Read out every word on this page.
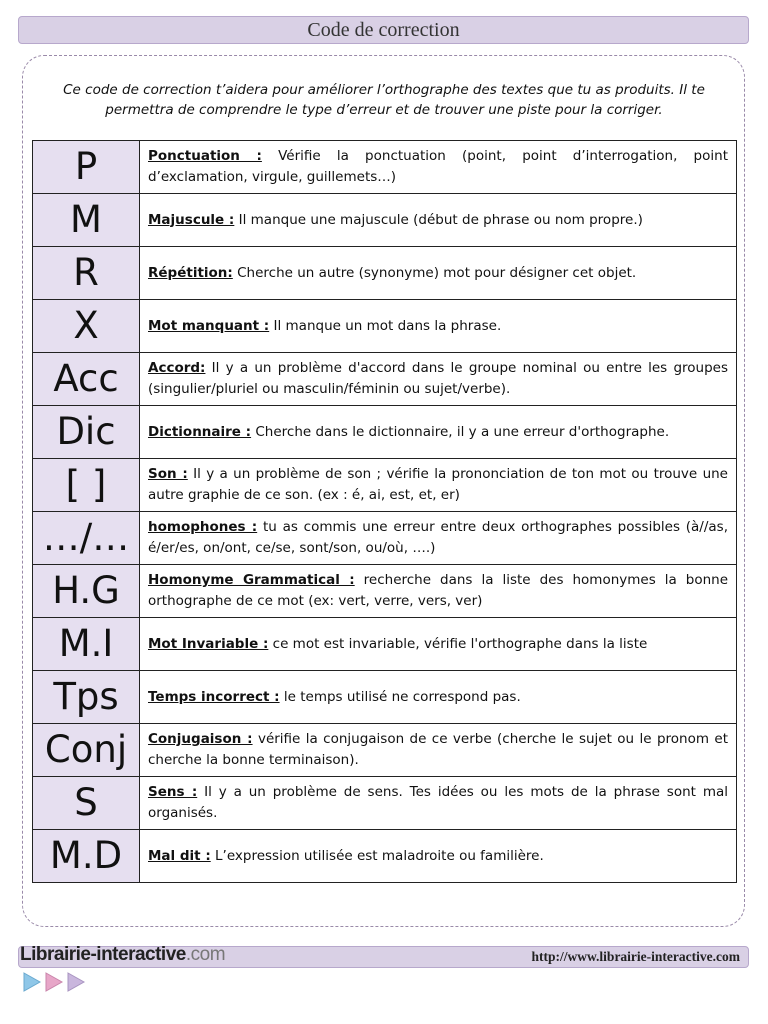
Code de correction
Ce code de correction t’aidera pour améliorer l’orthographe des textes que tu as produits. Il te permettra de comprendre le type d’erreur et de trouver une piste pour la corriger.
P	Ponctuation : Vérifie la ponctuation (point, point d’interrogation, point d’exclamation, virgule, guillemets…)
M	Majuscule : Il manque une majuscule (début de phrase ou nom propre.)
R	Répétition: Cherche un autre (synonyme) mot pour désigner cet objet.
X	Mot manquant : Il manque un mot dans la phrase.
Acc	Accord: Il y a un problème d'accord dans le groupe nominal ou entre les groupes (singulier/pluriel ou masculin/féminin ou sujet/verbe).
Dic	Dictionnaire : Cherche dans le dictionnaire, il y a une erreur d'orthographe.
[ ]	Son : Il y a un problème de son ; vérifie la prononciation de ton mot ou trouve une autre graphie de ce son. (ex : é, ai, est, et, er)
…/…	homophones : tu as commis une erreur entre deux orthographes possibles (à//as, é/er/es, on/ont, ce/se, sont/son, ou/où, ….)
H.G	Homonyme Grammatical : recherche dans la liste des homonymes la bonne orthographe de ce mot (ex: vert, verre, vers, ver)
M.I	Mot Invariable : ce mot est invariable, vérifie l'orthographe dans la liste
Tps	Temps incorrect : le temps utilisé ne correspond pas.
Conj	Conjugaison : vérifie la conjugaison de ce verbe (cherche le sujet ou le pronom et cherche la bonne terminaison).
S	Sens : Il y a un problème de sens. Tes idées ou les mots de la phrase sont mal organisés.
M.D	Mal dit : L’expression utilisée est maladroite ou familière.
Librairie-interactive.com	http://www.librairie-interactive.com
